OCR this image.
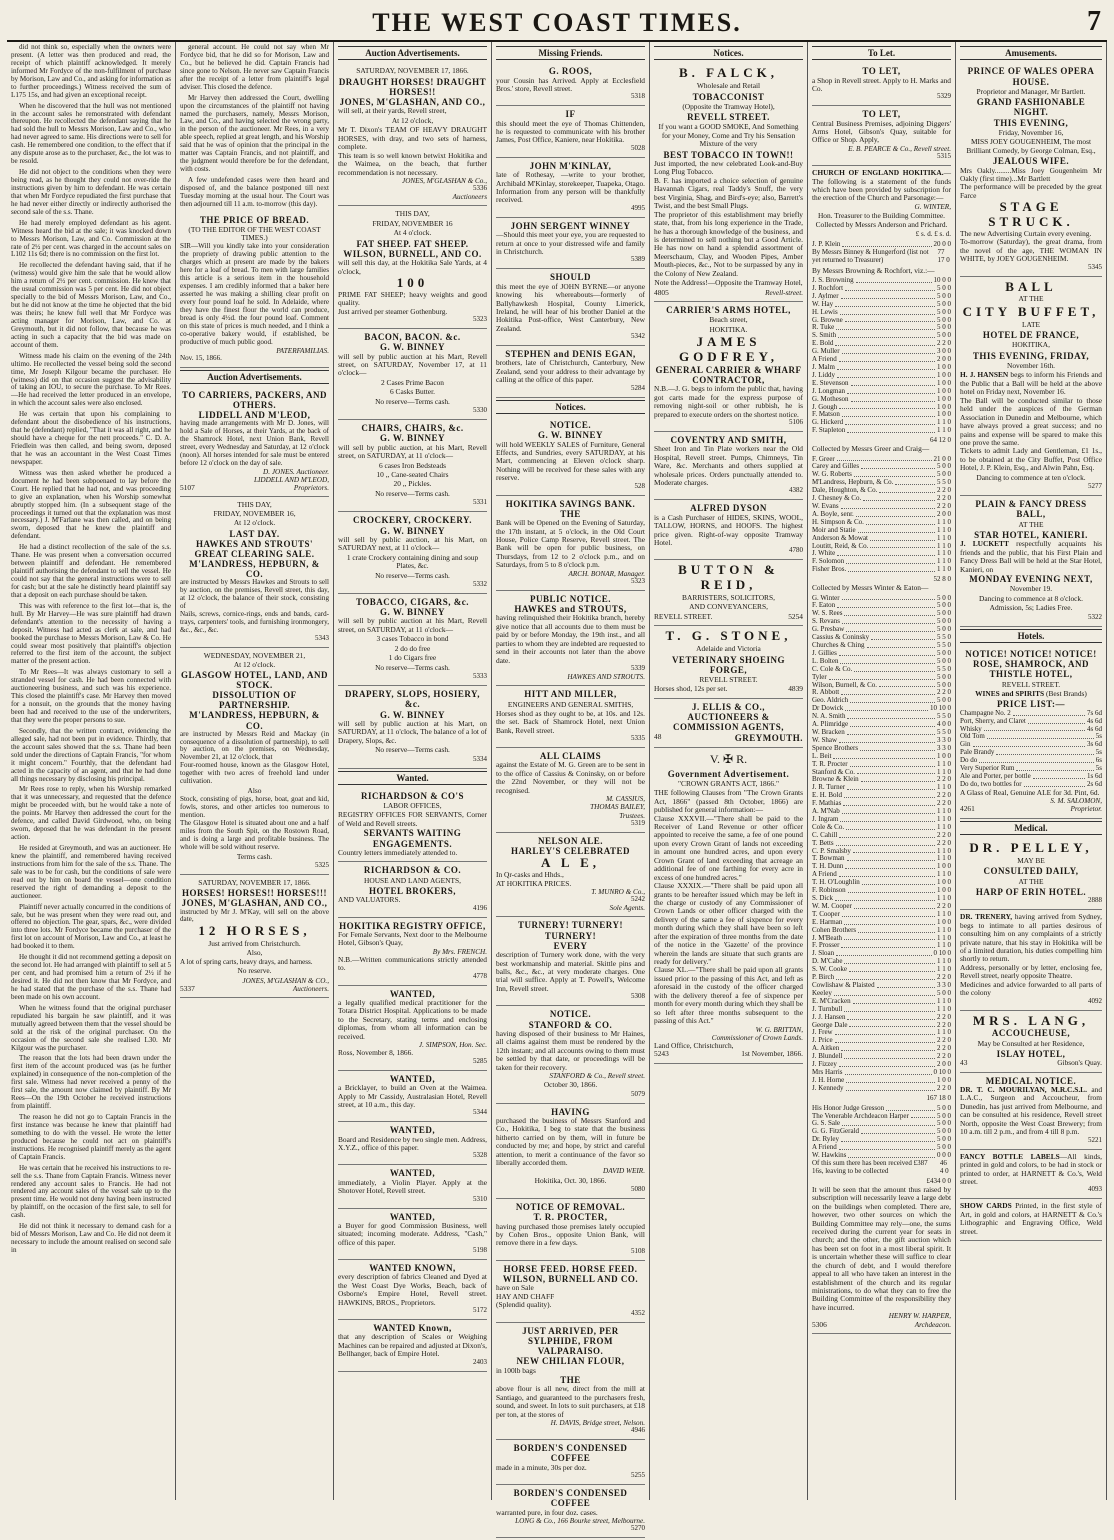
THE WEST COAST TIMES.	7

did not think so, especially when the owners were present. (A letter was then produced and read, the receipt of which plaintiff acknowledged. It merely informed Mr Fordyce of the non-fulfilment of purchase by Morison, Law and Co., and asking for information as to further proceedings.) Witness received the sum of L175 15s, and had given an exceptional receipt.

When he discovered that the hull was not mentioned in the account sales he remonstrated with defendant thereupon. He recollected the defendant saying that he had sold the hull to Messrs Morison, Law and Co., who had never agreed to same. His directions were to sell for cash. He remembered one condition, to the effect that if any dispute arose as to the purchaser, &c., the lot was to be resold.

He did not object to the conditions when they were being read, as he thought they could not over-ride the instructions given by him to defendant. He was certain that when Mr Fordyce repudiated the first purchase that he had never either directly or indirectly authorised the second sale of the s.s. Thane.

He had merely employed defendant as his agent. Witness heard the bid at the sale; it was knocked down to Messrs Morison, Law, and Co. Commission at the rate of 2½ per cent. was charged in the account sales on L102 11s 6d; there is no commission on the first lot.

He recollected the defendant having said, that if he (witness) would give him the sale that he would allow him a return of 2½ per cent. commission. He knew that the usual commission was 5 per cent. He did not object specially to the bid of Messrs Morison, Law, and Co., but he did not know at the time he objected that the bid was theirs; he knew full well that Mr Fordyce was acting manager for Morison, Law, and Co. at Greymouth, but it did not follow, that because he was acting in such a capacity that the bid was made on account of them.

Witness made his claim on the evening of the 24th ultimo. He recollected the vessel being sold the second time, Mr Joseph Kilgour became the purchaser. He (witness) did on that occasion suggest the advisability of taking an IOU, to secure the purchase. To Mr Rees.—He had received the letter produced in an envelope, in which the account sales were also enclosed.

He was certain that upon his complaining to defendant about the disobedience of his instructions, that he (defendant) replied, "That it was all right, and he should have a cheque for the nett proceeds." C. D. A. Friedlein was then called, and being sworn, deposed that he was an accountant in the West Coast Times newspaper.

Witness was then asked whether he produced a document he had been subpoenaed to lay before the Court. He replied that he had not, and was proceeding to give an explanation, when his Worship somewhat abruptly stopped him. (In a subsequent stage of the proceedings it turned out that the explanation was most necessary.) J. M'Farlane was then called, and on being sworn, deposed that he knew the plaintiff and defendant.

He had a distinct recollection of the sale of the s.s. Thane. He was present when a conversation occurred between plaintiff and defendant. He remembered plaintiff authorising the defendant to sell the vessel. He could not say that the general instructions were to sell for cash; but at the sale he distinctly heard plaintiff say that a deposit on each purchase should be taken.

This was with reference to the first lot—that is, the hull. By Mr Harvey—He was sure plaintiff had drawn defendant's attention to the necessity of having a deposit. Witness had acted as clerk at sale, and had booked the purchase to Messrs Morison, Law & Co. He could swear most positively that plaintiff's objection referred to the first item of the account, the subject matter of the present action.

To Mr Rees—It was always customary to sell a stranded vessel for cash. He had been connected with auctioneering business, and such was his experience. This closed the plaintiff's case. Mr Harvey then moved for a nonsuit, on the grounds that the money having been had and received to the use of the underwriters, that they were the proper persons to sue.

Secondly, that the written contract, evidencing the alleged sale, had not been put in evidence. Thirdly, that the account sales showed that the s.s. Thane had been sold under the directions of Captain Francis, "for whom it might concern." Fourthly, that the defendant had acted in the capacity of an agent, and that he had done all things necessary by disclosing his principal.

Mr Rees rose to reply, when his Worship remarked that it was unnecessary, and requested that the defence might be proceeded with, but he would take a note of the points. Mr Harvey then addressed the court for the defence, and called David Girdwood, who, on being sworn, deposed that he was defendant in the present action.

He resided at Greymouth, and was an auctioneer. He knew the plaintiff, and remembered having received instructions from him for the sale of the s.s. Thane. The sale was to be for cash, but the conditions of sale were read out by him on board the vessel—one condition reserved the right of demanding a deposit to the auctioneer.

Plaintiff never actually concurred in the conditions of sale, but he was present when they were read out, and offered no objection. The gear, spars, &c., were divided into three lots. Mr Fordyce became the purchaser of the first lot on account of Morison, Law and Co., at least he had booked it to them.

He thought it did not recommend getting a deposit on the second lot. He had arranged with plaintiff to sell at 5 per cent, and had promised him a return of 2½ if he desired it. He did not then know that Mr Fordyce, and he had stated that the purchase of the s.s. Thane had been made on his own account.

When he witness found that the original purchaser repudiated his bargain he saw plaintiff, and it was mutually agreed between them that the vessel should be sold at the risk of the original purchaser. On the occasion of the second sale she realised L30. Mr Kilgour was the purchaser.

The reason that the lots had been drawn under the first item of the account produced was (as he further explained) in consequence of the non-completion of the first sale. Witness had never received a penny of the first sale, the amount now claimed by plaintiff. By Mr Rees—On the 19th October he received instructions from plaintiff.

The reason he did not go to Captain Francis in the first instance was because he knew that plaintiff had something to do with the vessel. He wrote the letter produced because he could not act on plaintiff's instructions. He recognised plaintiff merely as the agent of Captain Francis.

He was certain that he received his instructions to re-sell the s.s. Thane from Captain Francis. Witness never rendered any account sales to Francis. He had not rendered any account sales of the vessel sale up to the present time. He would not deny having been instructed by plaintiff, on the occasion of the first sale, to sell for cash.

He did not think it necessary to demand cash for a bid of Messrs Morison, Law and Co. He did not deem it necessary to include the amount realised on second sale in

general account. He could not say when Mr Fordyce bid, that he did so for Morison, Law and Co., but he believed he did. Captain Francis had since gone to Nelson. He never saw Captain Francis after the receipt of a letter from plaintiff's legal adviser. This closed the defence.

Mr Harvey then addressed the Court, dwelling upon the circumstances of the plaintiff not having named the purchasers, namely, Messrs Morison, Law, and Co., and having selected the wrong party, in the person of the auctioneer. Mr Rees, in a very able speech, replied at great length, and his Worship said that he was of opinion that the principal in the matter was Captain Francis, and not plaintiff, and the judgment would therefore be for the defendant, with costs.

A few undefended cases were then heard and disposed of, and the balance postponed till next Tuesday morning at the usual hour. The Court was then adjourned till 11 a.m. to-morrow (this day).

THE PRICE OF BREAD.
(TO THE EDITOR OF THE WEST COAST TIMES.)
SIR—Will you kindly take into your consideration the propriety of drawing public attention to the charges which at present are made by the bakers here for a loaf of bread. To men with large families this article is a serious item in the household expenses. I am credibly informed that a baker here asserted he was making a shilling clear profit on every four pound loaf he sold. In Adelaide, where they have the finest flour the world can produce, bread is only 4½d. the four pound loaf. Comment on this state of prices is much needed, and I think a co-operative bakery would, if established, be productive of much public good.
PATERFAMILIAS.
Nov. 15, 1866.
Auction Advertisements.
TO CARRIERS, PACKERS, AND OTHERS.
LIDDELL AND M'LEOD,
having made arrangements with Mr D. Jones, will hold a Sale of Horses, at their Yards, at the back of the Shamrock Hotel, next Union Bank, Revell street, every Wednesday and Saturday, at 12 o'clock (noon). All horses intended for sale must be entered before 12 o'clock on the day of sale.
D. JONES. Auctioneer.
LIDDELL AND M'LEOD,
5107	Proprietors.
THIS DAY,
FRIDAY, NOVEMBER 16,
At 12 o'clock.
LAST DAY.
HAWKES AND STROUTS'
GREAT CLEARING SALE.
M'LANDRESS, HEPBURN, & CO.
are instructed by Messrs Hawkes and Strouts to sell by auction, on the premises, Revell street, this day, at 12 o'clock, the balance of their stock, consisting of
Nails, screws, cornice-rings, ends and bands, card-trays, carpenters' tools, and furnishing ironmongery, &c., &c., &c.
5343
WEDNESDAY, NOVEMBER 21,
At 12 o'clock.
GLASGOW HOTEL, LAND, AND STOCK.
DISSOLUTION OF PARTNERSHIP.
M'LANDRESS, HEPBURN, & CO.
are instructed by Messrs Reid and Mackay (in consequence of a dissolution of partnership), to sell by auction, on the premises, on Wednesday, November 21, at 12 o'clock, that
Four-roomed house, known as the Glasgow Hotel, together with two acres of freehold land under cultivation.
Also
Stock, consisting of pigs, horse, boat, goat and kid, fowls, stores, and other articles too numerous to mention.
The Glasgow Hotel is situated about one and a half miles from the South Spit, on the Rostown Road, and is doing a large and profitable business. The whole will be sold without reserve.
Terms cash.
5325
SATURDAY, NOVEMBER 17, 1866.
HORSES! HORSES!! HORSES!!!
JONES, M'GLASHAN, AND CO.,
instructed by Mr J. M'Kay, will sell on the above date,
12 HORSES,
Just arrived from Christchurch.
Also,
A lot of spring carts, heavy drays, and harness.
No reserve.
JONES, M'GLASHAN & CO.,
5337	Auctioneers.
Auction Advertisements.
SATURDAY, NOVEMBER 17, 1866.
DRAUGHT HORSES! DRAUGHT HORSES!!
JONES, M'GLASHAN, AND CO.,
will sell, at their yards, Revell street,
At 12 o'clock,
Mr T. Dixon's TEAM OF HEAVY DRAUGHT HORSES, with dray, and two sets of harness, complete.
This team is so well known betwixt Hokitika and the Waimea, on the beach, that further recommendation is not necessary.
JONES, M'GLASHAN & Co.,
5336
Auctioneers
THIS DAY,
FRIDAY, NOVEMBER 16
At 4 o'clock.
FAT SHEEP. FAT SHEEP.
WILSON, BURNELL, AND CO.
will sell this day, at the Hokitika Sale Yards, at 4 o'clock,
100
PRIME FAT SHEEP; heavy weights and good quality.
Just arrived per steamer Gothenburg.
5323
BACON, BACON. &c.
G. W. BINNEY
will sell by public auction at his Mart, Revell street, on SATURDAY, November 17, at 11 o'clock—
2 Cases Prime Bacon
6 Casks Butter.
No reserve—Terms cash.
5330
CHAIRS, CHAIRS, &c.
G. W. BINNEY
will sell by public auction, at his Mart, Revell street, on SATURDAY, at 11 o'clock—
6 cases Iron Bedsteads
10 ,, Cane-seated Chairs
20 ,, Pickles.
No reserve—Terms cash.
5331
CROCKERY, CROCKERY.
G. W. BINNEY
will sell by public auction, at his Mart, on SATURDAY next, at 11 o'clock—
1 crate Crockery containing dining and soup Plates, &c.
No reserve—Terms cash.
5332
TOBACCO, CIGARS, &c.
G. W. BINNEY
will sell by public auction at his Mart, Revell street, on SATURDAY, at 11 o'clock—
3 cases Tobacco in bond
2 do do free
1 do Cigars free
No reserve—Terms cash.
5333
DRAPERY, SLOPS, HOSIERY, &c.
G. W. BINNEY
will sell by public auction at his Mart, on SATURDAY, at 11 o'clock, The balance of a lot of Drapery, Slops, &c.
No reserve—Terms cash.
5334
Wanted.
RICHARDSON & CO'S
LABOR OFFICES,
REGISTRY OFFICES FOR SERVANTS, Corner of Weld and Revell streets.
SERVANTS WAITING ENGAGEMENTS.
Country letters immediately attended to.
RICHARDSON & CO.
HOUSE AND LAND AGENTS,
HOTEL BROKERS,
AND VALUATORS.
4196
HOKITIKA REGISTRY OFFICE,
For Female Servants, Next door to the Melbourne Hotel, Gibson's Quay,
By Mrs. FRENCH.
N.B.—Written communications strictly attended to.
4778
WANTED,
a legally qualified medical practitioner for the Totara District Hospital. Applications to be made to the Secretary, stating terms and enclosing diplomas, from whom all information can be received.
J. SIMPSON, Hon. Sec.
Ross, November 8, 1866.
5285
WANTED,
a Bricklayer, to build an Oven at the Waimea. Apply to Mr Cassidy, Australasian Hotel, Revell street, at 10 a.m., this day.
5344
WANTED,
Board and Residence by two single men. Address, X.Y.Z., office of this paper.
5328
WANTED,
immediately, a Violin Player. Apply at the Shotover Hotel, Revell street.
5310
WANTED,
a Buyer for good Commission Business, well situated; incoming moderate. Address, "Cash," office of this paper.
5198
WANTED KNOWN,
every description of fabrics Cleaned and Dyed at the West Coast Dye Works, Beach, back of Osborne's Empire Hotel, Revell street. HAWKINS, BROS., Proprietors.
5172
WANTED Known,
that any description of Scales or Weighing Machines can be repaired and adjusted at Dixon's, Bellhanger, back of Empire Hotel.
2403
Missing Friends.
G. ROOS,
your Cousin has Arrived. Apply at Ecclesfield Bros.' store, Revell street.
5318
IF
this should meet the eye of Thomas Chittenden, he is requested to communicate with his brother James, Post Office, Kaniere, near Hokitika.
5028
JOHN M'KINLAY,
late of Rothesay, —write to your brother, Archibald M'Kinlay, storekeeper, Tuapeka, Otago. Information from any person will be thankfully received.
4995
JOHN SERGENT WINNEY
—Should this meet your eye, you are requested to return at once to your distressed wife and family in Christchurch.
5389
SHOULD
this meet the eye of JOHN BYRNE—or anyone knowing his whereabouts—formerly of Ballyhawkesh Hospital, County Limerick, Ireland, he will hear of his brother Daniel at the Hokitika Post-office, West Canterbury, New Zealand.
5342
STEPHEN and DENIS EGAN,
brothers, late of Christchurch, Canterbury, New Zealand, send your address to their advantage by calling at the office of this paper.
5284
Notices.
NOTICE.
G. W. BINNEY
will hold WEEKLY SALES of Furniture, General Effects, and Sundries, every SATURDAY, at his Mart, commencing at Eleven o'clock sharp. Nothing will be received for these sales with any reserve.
528
HOKITIKA SAVINGS BANK.
THE
Bank will be Opened on the Evening of Saturday, the 17th instant, at 5 o'clock, in the Old Court House, Police Camp Reserve, Revell street. The Bank will be open for public business, on Thursdays, from 12 to 2 o'clock p.m., and on Saturdays, from 5 to 8 o'clock p.m.
ARCH. BONAR, Manager.
5323
PUBLIC NOTICE.
HAWKES and STROUTS,
having relinquished their Hokitika branch, hereby give notice that all accounts due to them must be paid by or before Monday, the 19th inst., and all parties to whom they are indebted are requested to send in their accounts not later than the above date.
5339
HAWKES AND STROUTS.
HITT AND MILLER,
ENGINEERS AND GENERAL SMITHS,
Horses shod as they ought to be, at 10s. and 12s. the set. Back of Shamrock Hotel, next Union Bank, Revell street.
5335
ALL CLAIMS
against the Estate of M. G. Green are to be sent in to the office of Cassius & Coninsky, on or before the 22nd November, or they will not be recognised.
M. CASSIUS,
THOMAS BAILEY,
Trustees.
5319
NELSON ALE.
HARLEY'S CELEBRATED
A L E,
In Qr-casks and Hhds.,
AT HOKITIKA PRICES.
T. MUNRO & Co.,
5242
Sole Agents.
TURNERY! TURNERY! TURNERY!
EVERY
description of Turnery work done, with the very best workmanship and material. Skittle pins and balls, &c., &c., at very moderate charges. One trial will suffice. Apply at T. Powell's, Welcome Inn, Revell street.
5308
NOTICE.
STANFORD & CO.
having disposed of their business to Mr Haines, all claims against them must be rendered by the 12th instant; and all accounts owing to them must be settled by that date, or proceedings will be taken for their recovery.
STANFORD & Co., Revell street.
October 30, 1866.
5079
HAVING
purchased the business of Messrs Stanford and Co., Hokitika, I beg to state that the business hitherto carried on by them, will in future be conducted by me; and hope, by strict and careful attention, to merit a continuance of the favor so liberally accorded them.
DAVID WEIR.
Hokitika, Oct. 30, 1866.
5080
NOTICE OF REMOVAL.
T. R. PROCTER,
having purchased those premises lately occupied by Cohen Bros., opposite Union Bank, will remove there in a few days.
5108
HORSE FEED. HORSE FEED.
WILSON, BURNELL AND CO.
have on Sale
HAY AND CHAFF
(Splendid quality).
4352
JUST ARRIVED, PER SYLPHIDE, FROM VALPARAISO.
NEW CHILIAN FLOUR,
in 100lb bags
THE
above flour is all new, direct from the mill at Santiago, and guaranteed to the purchasers fresh, sound, and sweet. In lots to suit purchasers, at £18 per ton, at the stores of
H. DAVIS, Bridge street, Nelson.
4946
BORDEN'S CONDENSED COFFEE
made in a minute, 30s per doz.
5255
BORDEN'S CONDENSED COFFEE
warranted pure, in four doz. cases.
LONG & Co., 166 Bourke street, Melbourne.
5270
Notices.
B. FALCK,
Wholesale and Retail
TOBACCONIST
(Opposite the Tramway Hotel),
REVELL STREET.
If you want a GOOD SMOKE, And Something for your Money, Come and Try his Sensation Mixture of the very
BEST TOBACCO IN TOWN!!
Just imported, the new celebrated Look-and-Buy Long Plug Tobacco.
B. F. has imported a choice selection of genuine Havannah Cigars, real Taddy's Snuff, the very best Virginia, Shag, and Bird's-eye; also, Barrett's Twist, and the best Small Plugs.
The proprietor of this establishment may briefly state, that, from his long experience in the Trade, he has a thorough knowledge of the business, and is determined to sell nothing but a Good Article. He has now on hand a splendid assortment of Meerschaum, Clay, and Wooden Pipes, Amber Mouth-pieces, &c., Not to be surpassed by any in the Colony of New Zealand.
Note the Address!—Opposite the Tramway Hotel,
4805	Revell-street.
CARRIER'S ARMS HOTEL,
Beach street,
HOKITIKA.
JAMES GODFREY,
GENERAL CARRIER & WHARF CONTRACTOR,
N.B.—J. G. begs to inform the public that, having got carts made for the express purpose of removing night-soil or other rubbish, he is prepared to execute orders on the shortest notice.
5106
COVENTRY AND SMITH,
Sheet Iron and Tin Plate workers near the Old Hospital, Revell street. Pumps, Chimneys, Tin Ware, &c. Merchants and others supplied at wholesale prices. Orders punctually attended to. Moderate charges.
4382
ALFRED DYSON
is a Cash Purchaser of HIDES, SKINS, WOOL, TALLOW, HORNS, and HOOFS. The highest price given. Right-of-way opposite Tramway Hotel.
4780
BUTTON & REID,
BARRISTERS, SOLICITORS,
AND CONVEYANCERS,
REVELL STREET.	5254
T. G. STONE,
Adelaide and Victoria
VETERINARY SHOEING FORGE,
REVELL STREET.
Horses shod, 12s per set.	4839
J. ELLIS & CO.,
AUCTIONEERS & COMMISSION AGENTS,
48	GREYMOUTH.
V. ✠ R.
Government Advertisement.
"CROWN GRANTS ACT, 1866."
THE following Clauses from "The Crown Grants Act, 1866" (passed 8th October, 1866) are published for general information:—
Clause XXXVII.—"There shall be paid to the Receiver of Land Revenue or other officer appointed to receive the same, a fee of one pound upon every Crown Grant of lands not exceeding in amount one hundred acres, and upon every Crown Grant of land exceeding that acreage an additional fee of one farthing for every acre in excess of one hundred acres."
Clause XXXIX.—"There shall be paid upon all grants to be hereafter issued which may be left in the charge or custody of any Commissioner of Crown Lands or other officer charged with the delivery of the same a fee of sixpence for every month during which they shall have been so left after the expiration of three months from the date of the notice in the 'Gazette' of the province wherein the lands are situate that such grants are ready for delivery."
Clause XL.—"There shall be paid upon all grants issued prior to the passing of this Act, and left as aforesaid in the custody of the officer charged with the delivery thereof a fee of sixpence per month for every month during which they shall be so left after three months subsequent to the passing of this Act."
W. G. BRITTAN,
Commissioner of Crown Lands.
Land Office, Christchurch,
5243	1st November, 1866.
To Let.
TO LET,
a Shop in Revell street. Apply to H. Marks and Co.
5329
TO LET,
Central Business Premises, adjoining Diggers' Arms Hotel, Gibson's Quay, suitable for Office or Shop. Apply,
E. B. PEARCE & Co., Revell street.
5315
CHURCH OF ENGLAND HOKITIKA.—The following is a statement of the funds which have been provided by subscription for the erection of the Church and Parsonage:—
G. WINTER,
Hon. Treasurer to the Building Committee.
Collected by Messrs Anderson and Prichard.
£ s. d. £ s. d.
J. P. Klein	20 0 0
By Messrs Binney & Hungerford (list not yet returned to Treasurer)
77 17 0
By Messrs Browning & Rochfort, viz.:—
J. S. Browning	10 0 0
J. Rochfort	5 0 0
J. Aylmer	5 0 0
W. Hay	5 0 0
H. Lewis	5 0 0
G. Browne	5 0 0
R. Tuke	5 0 0
S. Smith	5 0 0
E. Bold	2 2 0
G. Muller	3 0 0
A Friend	2 0 0
J. Malm	1 0 0
J. Liddy	1 0 0
E. Stevenson	1 0 0
J. Longman	1 0 0
G. Motheson	1 0 0
J. Gough	1 0 0
F. Matson	1 0 0
G. Hickerd	1 1 0
F. Stapleton	1 1 0
64 12 0
Collected by Messrs Greer and Craig—
F. Greer	21 0 0
Carey and Gilles	5 0 0
W. G. Roberts	5 0 0
M'Landress, Hepburn, & Co.	5 5 0
Dale, Houghton, & Co.	2 2 0
J. Chesney & Co.	2 2 0
W. Evans	2 2 0
A. Boyle, senr.	2 0 0
H. Simpson & Co.	1 1 0
Moir and Statie	1 1 0
Anderson & Mowat	1 1 0
Loutitt, Reid, & Co.	1 1 0
J. White	1 1 0
F. Solomon	1 1 0
Fisher Bros.	1 1 0
52 8 0
Collected by Messrs Winter & Eaton—
G. Winter	5 0 0
F. Eaton	5 0 0
W. S. Rees	5 0 0
S. Revans	5 0 0
G. Presbaw	5 0 0
Cassius & Coninsky	5 5 0
Churches & Ching	5 5 0
J. Gillies	5 0 0
L. Bolten	5 0 0
C. Cole & Co.	5 5 0
Tyler	5 0 0
Wilson, Burnell, & Co.	5 0 0
R. Abbott	2 2 0
Geo. Aldrich	5 0 0
Dr Dowick	10 10 0
N. A. Smith	5 5 0
A. Plimridge	4 0 0
W. Bracken	5 5 0
W. Shaw	3 3 0
Spence Brothers	3 3 0
L. Beit	1 0 0
T. R. Procter	1 1 0
Stanford & Co.	1 1 0
Browne & Klein	2 2 0
J. R. Turner	1 1 0
E. H. Bold	2 2 0
F. Mathias	2 2 0
A. M'Nab	1 1 0
J. Ingram	1 1 0
Cole & Co.	1 1 0
C. Cahill	2 2 0
T. Betts	2 2 0
C. P. Smalsby	1 1 0
T. Bowman	1 1 0
T. H. Dunn	1 0 0
A Friend	1 1 0
T. H. O'Loughlin	1 0 0
F. Robinson	1 0 0
S. Dick	1 1 0
W. M. Cooper	2 2 0
T. Cooper	1 1 0
E. Harman	1 0 0
Cohen Brothers	1 1 0
J. M'Beath	1 1 0
F. Prosser	1 1 0
J. Sloan	0 10 0
D. M'Cabe	1 1 0
S. W. Cooke	1 1 0
P. Birch	2 2 0
Cowlishaw & Plaisted	3 3 0
Keeley	5 0 0
E. M'Cracken	1 1 0
J. Turnbull	1 1 0
J. J. Hansen	2 2 0
George Dale	2 2 0
J. Frew	1 1 0
J. Price	2 2 0
A. Aitken	2 2 0
J. Blundell	2 2 0
J. Fizzey	2 0 0
Mrs Harris	0 10 0
J. H. Horne	1 0 0
J. Kennedy	2 2 0
167 18 0
His Honor Judge Gresson	5 0 0
The Venerable Archdeacon Harper	5 0 0
G. S. Sale	5 0 0
G. G. FitzGerald	5 0 0
Dr. Ryley	5 0 0
A Friend	5 0 0
W. Hawkins	0 0 0
Of this sum there has been received £387 16s, leaving to be collected
46 4 0
£434 0 0
It will be seen that the amount thus raised by subscription will necessarily leave a large debt on the buildings when completed. There are, however, two other sources on which the Building Committee may rely—one, the sums received during the current year for seats in church; and the other, the gift auction which has been set on foot in a most liberal spirit. It is uncertain whether these will suffice to clear the church of debt, and I would therefore appeal to all who have taken an interest in the establishment of the church and its regular ministrations, to do what they can to free the Building Committee of the responsibility they have incurred.
HENRY W. HARPER,
5306	Archdeacon.
Amusements.
PRINCE OF WALES OPERA HOUSE.
Proprietor and Manager, Mr Bartlett.
GRAND FASHIONABLE NIGHT.
THIS EVENING,
Friday, November 16,
MISS JOEY GOUGENHEIM, The most Brilliant Comedy, by George Colman, Esq.,
JEALOUS WIFE.
Mrs Oakly.........Miss Joey Gougenheim Mr Oakly (first time)...Mr Bartlett
The performance will be preceded by the great Farce
STAGE STRUCK.
The new Advertising Curtain every evening.
To-morrow (Saturday), the great drama, from the novel of the age, THE WOMAN IN WHITE, by JOEY GOUGENHEIM.
5345
BALL
AT THE
CITY BUFFET,
LATE
HOTEL DE FRANCE,
HOKITIKA,
THIS EVENING, FRIDAY,
November 16th.
H. J. HANSEN begs to inform his Friends and the Public that a Ball will be held at the above hotel on Friday next, November 16.
The Ball will be conducted similar to those held under the auspices of the German Association in Dunedin and Melbourne, which have always proved a great success; and no pains and expense will be spared to make this one prove the same.
Tickets to admit Lady and Gentleman, £1 1s., to be obtained at the City Buffet, Post Office Hotel, J. P. Klein, Esq., and Alwin Pahn, Esq.
Dancing to commence at ten o'clock.
5277
PLAIN & FANCY DRESS BALL,
AT THE
STAR HOTEL, KANIERI.
J. LUCKETT respectfully acquaints his friends and the public, that his First Plain and Fancy Dress Ball will be held at the Star Hotel, Kanieri, on
MONDAY EVENING NEXT,
November 19.
Dancing to commence at 8 o'clock.
Admission, 5s; Ladies Free.
5322
Hotels.
NOTICE! NOTICE! NOTICE!
ROSE, SHAMROCK, AND THISTLE HOTEL,
REVELL STREET.
WINES and SPIRITS (Best Brands)
PRICE LIST:—
Champagne No. 2	7s 6d
Port, Sherry, and Claret	4s 6d
Whisky	4s 6d
Old Tom	5s
Gin	3s 6d
Pale Brandy	5s
Do do	6s
Very Superior Rum	5s
Ale and Porter, per bottle	1s 6d
Do do, two bottles for	2s 6d
A Glass of Real, Genuine ALE for 3d. Pint, 6d.
S. M. SALOMON,
4261	Proprietor.
Medical.
DR. PELLEY,
MAY BE
CONSULTED DAILY,
AT THE
HARP OF ERIN HOTEL.
2888
DR. TRENERY, having arrived from Sydney, begs to intimate to all parties desirous of consulting him on any complaints of a strictly private nature, that his stay in Hokitika will be of a limited duration, his duties compelling him shortly to return.
Address, personally or by letter, enclosing fee, Revell street, nearly opposite Theatre.
Medicines and advice forwarded to all parts of the colony
4092
MRS. LANG,
ACCOUCHEUSE,
May be Consulted at her Residence,
ISLAY HOTEL,
43	Gibson's Quay.
MEDICAL NOTICE.
DR. T. C. MOURILYAN, M.R.C.S.L. and L.A.C., Surgeon and Accoucheur, from Dunedin, has just arrived from Melbourne, and can be consulted at his residence, Revell street North, opposite the West Coast Brewery; from 10 a.m. till 2 p.m., and from 4 till 8 p.m.
5221
FANCY BOTTLE LABELS—All kinds, printed in gold and colors, to be had in stock or printed to order, at HARNETT & Co.'s, Weld street.
4093
SHOW CARDS Printed, in the first style of Art, in gold and colors, at HARNETT & Co.'s Lithographic and Engraving Office, Weld street.
